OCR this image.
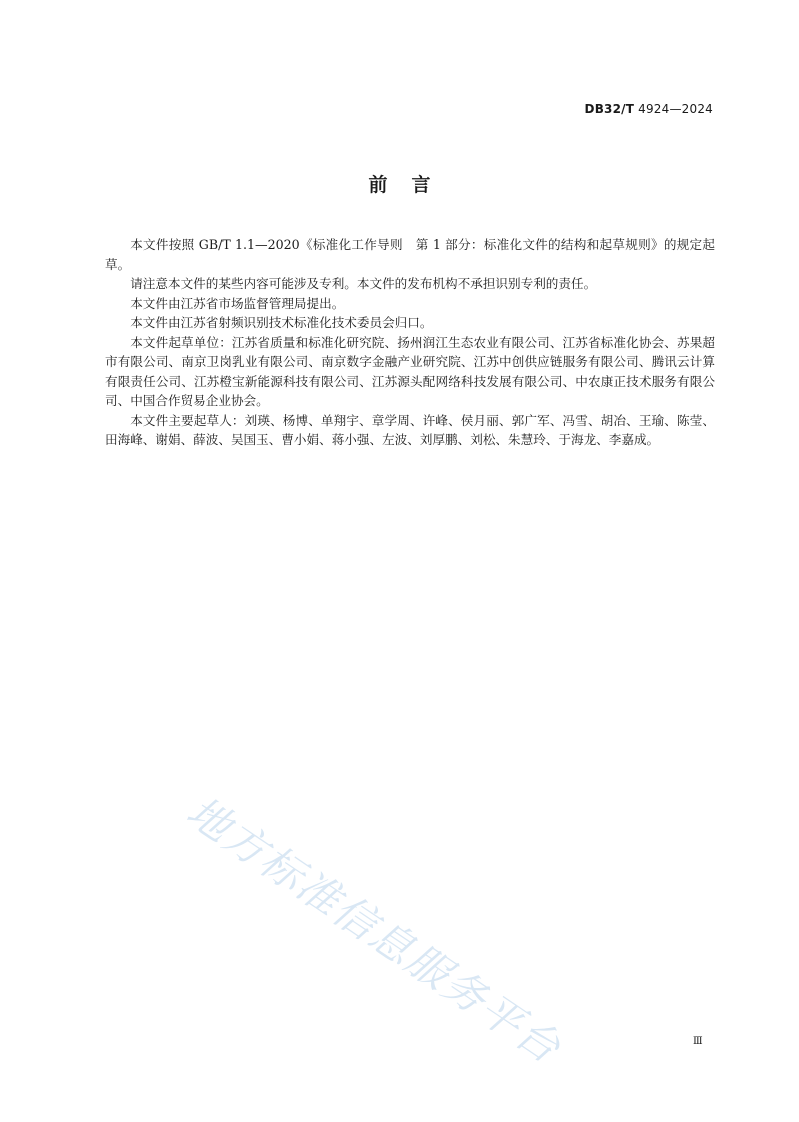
DB32/T 4924—2024
前言

本文件按照 GB/T 1.1—2020《标准化工作导则　第 1 部分：标准化文件的结构和起草规则》的规定起草。

请注意本文件的某些内容可能涉及专利。本文件的发布机构不承担识别专利的责任。

本文件由江苏省市场监督管理局提出。

本文件由江苏省射频识别技术标准化技术委员会归口。

本文件起草单位：江苏省质量和标准化研究院、扬州润江生态农业有限公司、江苏省标准化协会、苏果超市有限公司、南京卫岗乳业有限公司、南京数字金融产业研究院、江苏中创供应链服务有限公司、腾讯云计算有限责任公司、江苏橙宝新能源科技有限公司、江苏源头配网络科技发展有限公司、中农康正技术服务有限公司、中国合作贸易企业协会。

本文件主要起草人：刘瑛、杨博、单翔宇、章学周、许峰、侯月丽、郭广军、冯雪、胡冶、王瑜、陈莹、田海峰、谢娟、薛波、吴国玉、曹小娟、蒋小强、左波、刘厚鹏、刘松、朱慧玲、于海龙、李嘉成。

地方标准信息服务平台	Ⅲ
